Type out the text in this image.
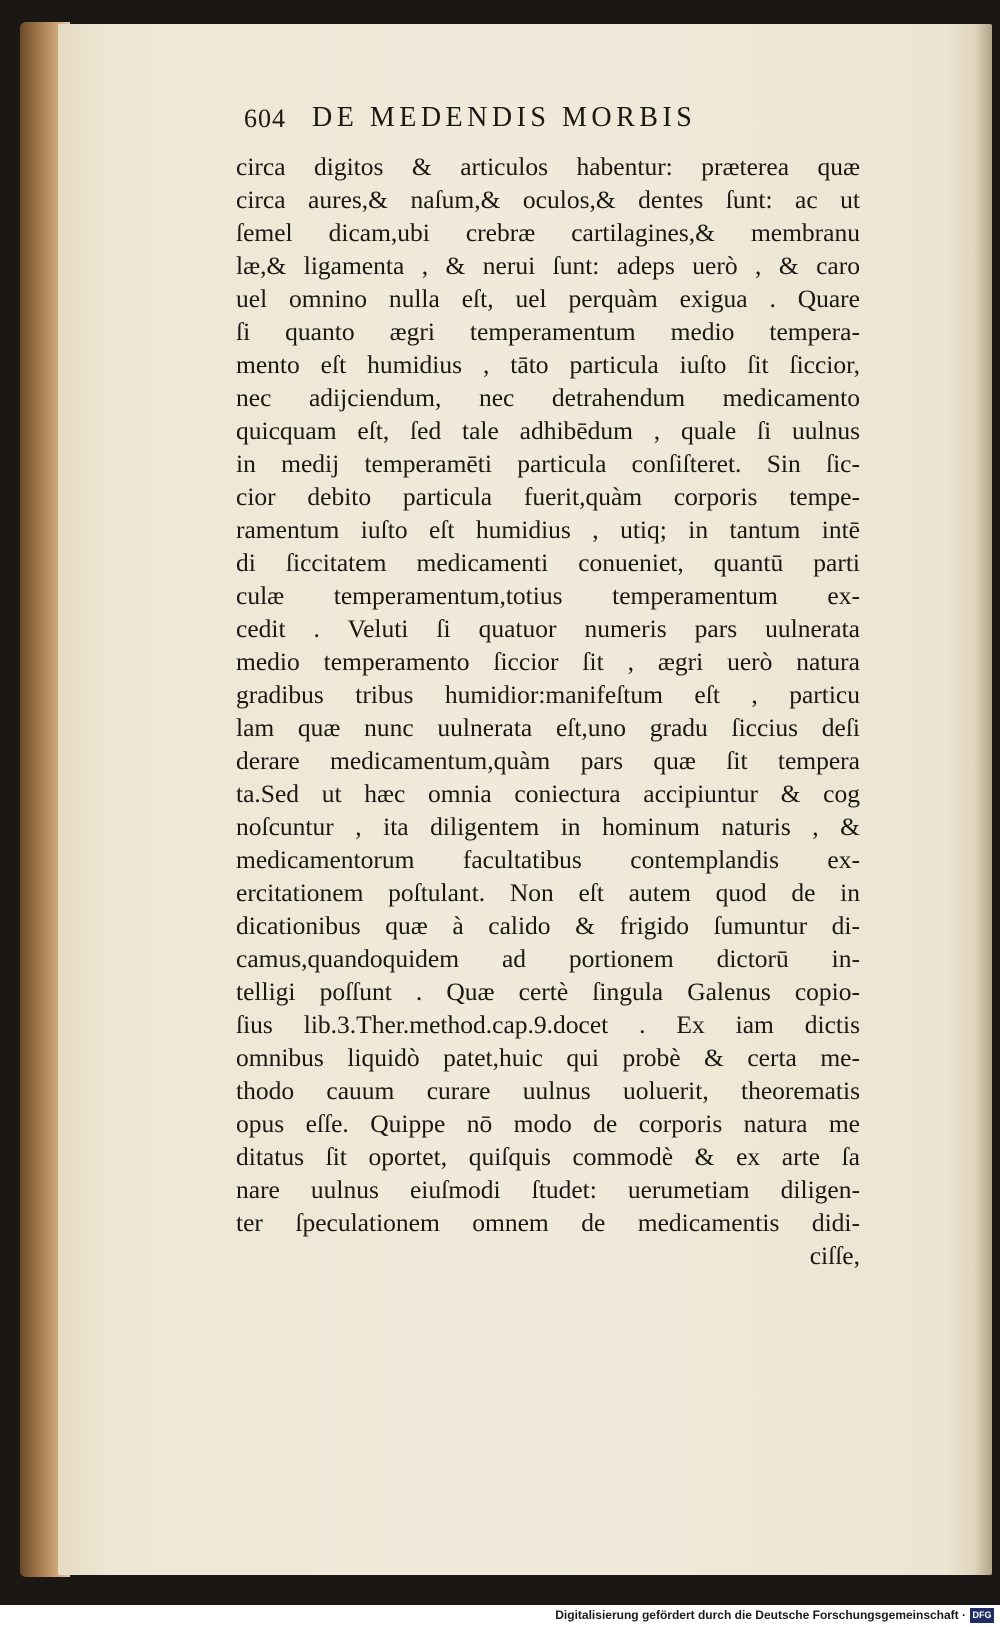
604 DE MEDENDIS MORBIS
circa digitos & articulos habentur: prætereа quæ
circa aures,& naſum,& oculos,& dentes ſunt: ac ut
ſemel dicam,ubi crebræ cartilagines,& membranu
læ,& ligamenta , & nerui ſunt: adeps uerò , & caro
uel omnino nulla eſt, uel perquàm exigua . Quare
ſi quanto ægri temperamentum medio tempera-
mento eſt humidius , tāto particula iuſto ſit ſiccior,
nec adijciendum, nec detrahendum medicamento
quicquam eſt, ſed tale adhibēdum , quale ſi uulnus
in medij temperamēti particula conſiſteret. Sin ſic-
cior debito particula fuerit,quàm corporis tempe-
ramentum iuſto eſt humidius , utiq; in tantum intē
di ſiccitatem medicamenti conueniet, quantū parti
culæ temperamentum,totius temperamentum ex-
cedit . Veluti ſi quatuor numeris pars uulnerata
medio temperamento ſiccior ſit , ægri uerò natura
gradibus tribus humidior:manifeſtum eſt , particu
lam quæ nunc uulnerata eſt,uno gradu ſiccius deſi
derare medicamentum,quàm pars quæ ſit tempera
ta.Sed ut hæc omnia coniectura accipiuntur & cog
noſcuntur , ita diligentem in hominum naturis , &
medicamentorum facultatibus contemplandis ex-
ercitationem poſtulant. Non eſt autem quod de in
dicationibus quæ à calido & frigido ſumuntur di-
camus,quandoquidem ad portionem dictorū in-
telligi poſſunt . Quæ certè ſingula Galenus copio-
ſius lib.3.Ther.method.cap.9.docet . Ex iam dictis
omnibus liquidò patet,huic qui probè & certa me-
thodo cauum curare uulnus uoluerit, theorematis
opus eſſe. Quippe nō modo de corporis natura me
ditatus ſit oportet, quiſquis commodè & ex arte ſa
nare uulnus eiuſmodi ſtudet: uerumetiam diligen-
ter ſpeculationem omnem de medicamentis didi-
ciſſe,
Digitalisierung gefördert durch die Deutsche Forschungsgemeinschaft · DFG
